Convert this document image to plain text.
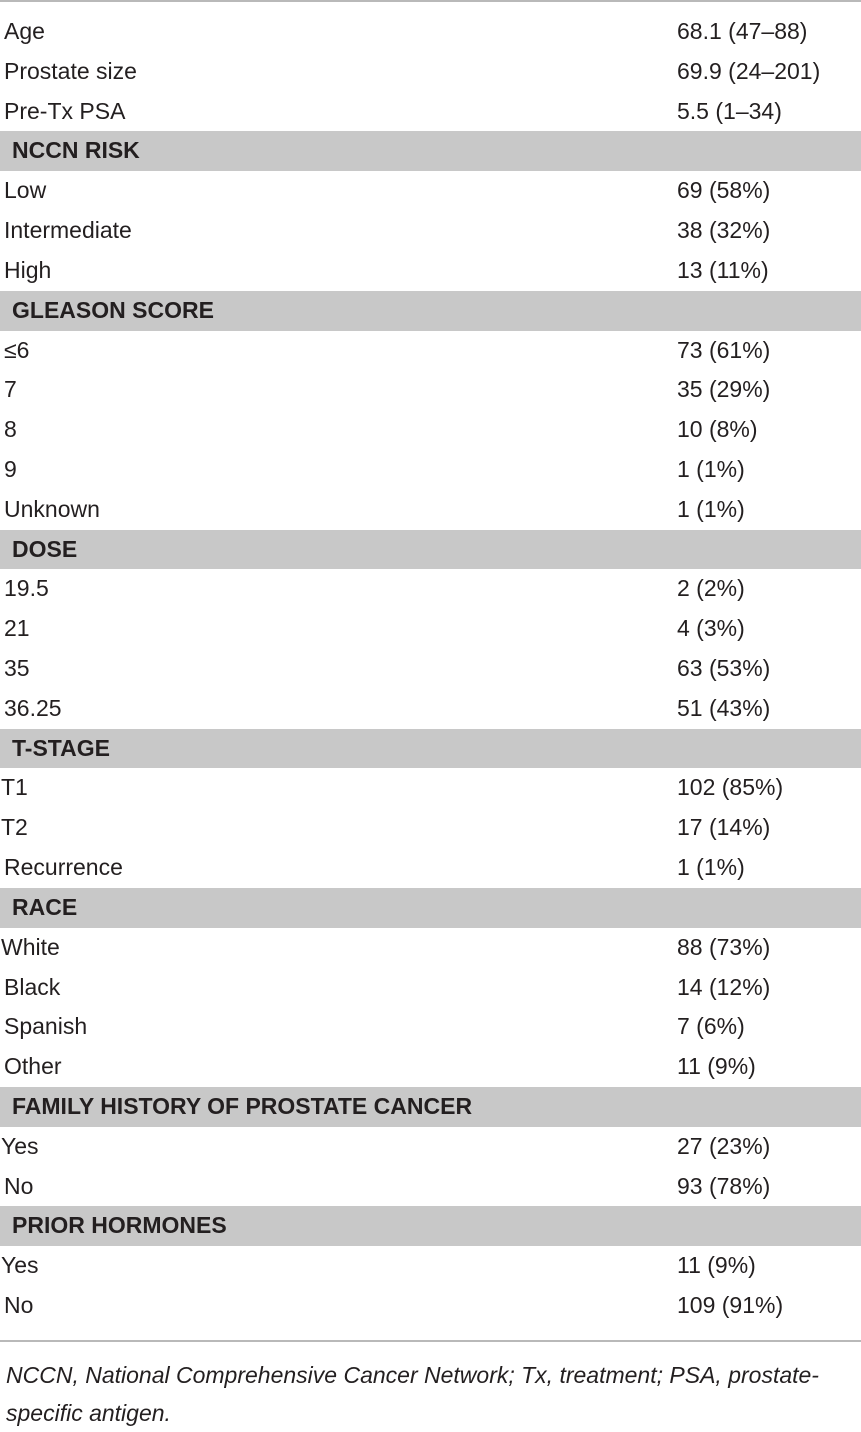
Age	68.1 (47–88)
Prostate size	69.9 (24–201)
Pre-Tx PSA	5.5 (1–34)
NCCN RISK
Low	69 (58%)
Intermediate	38 (32%)
High	13 (11%)
GLEASON SCORE
≤6	73 (61%)
7	35 (29%)
8	10 (8%)
9	1 (1%)
Unknown	1 (1%)
DOSE
19.5	2 (2%)
21	4 (3%)
35	63 (53%)
36.25	51 (43%)
T-STAGE
T1	102 (85%)
T2	17 (14%)
Recurrence	1 (1%)
RACE
White	88 (73%)
Black	14 (12%)
Spanish	7 (6%)
Other	11 (9%)
FAMILY HISTORY OF PROSTATE CANCER
Yes	27 (23%)
No	93 (78%)
PRIOR HORMONES
Yes	11 (9%)
No	109 (91%)
NCCN, National Comprehensive Cancer Network; Tx, treatment; PSA, prostate-specific antigen.
